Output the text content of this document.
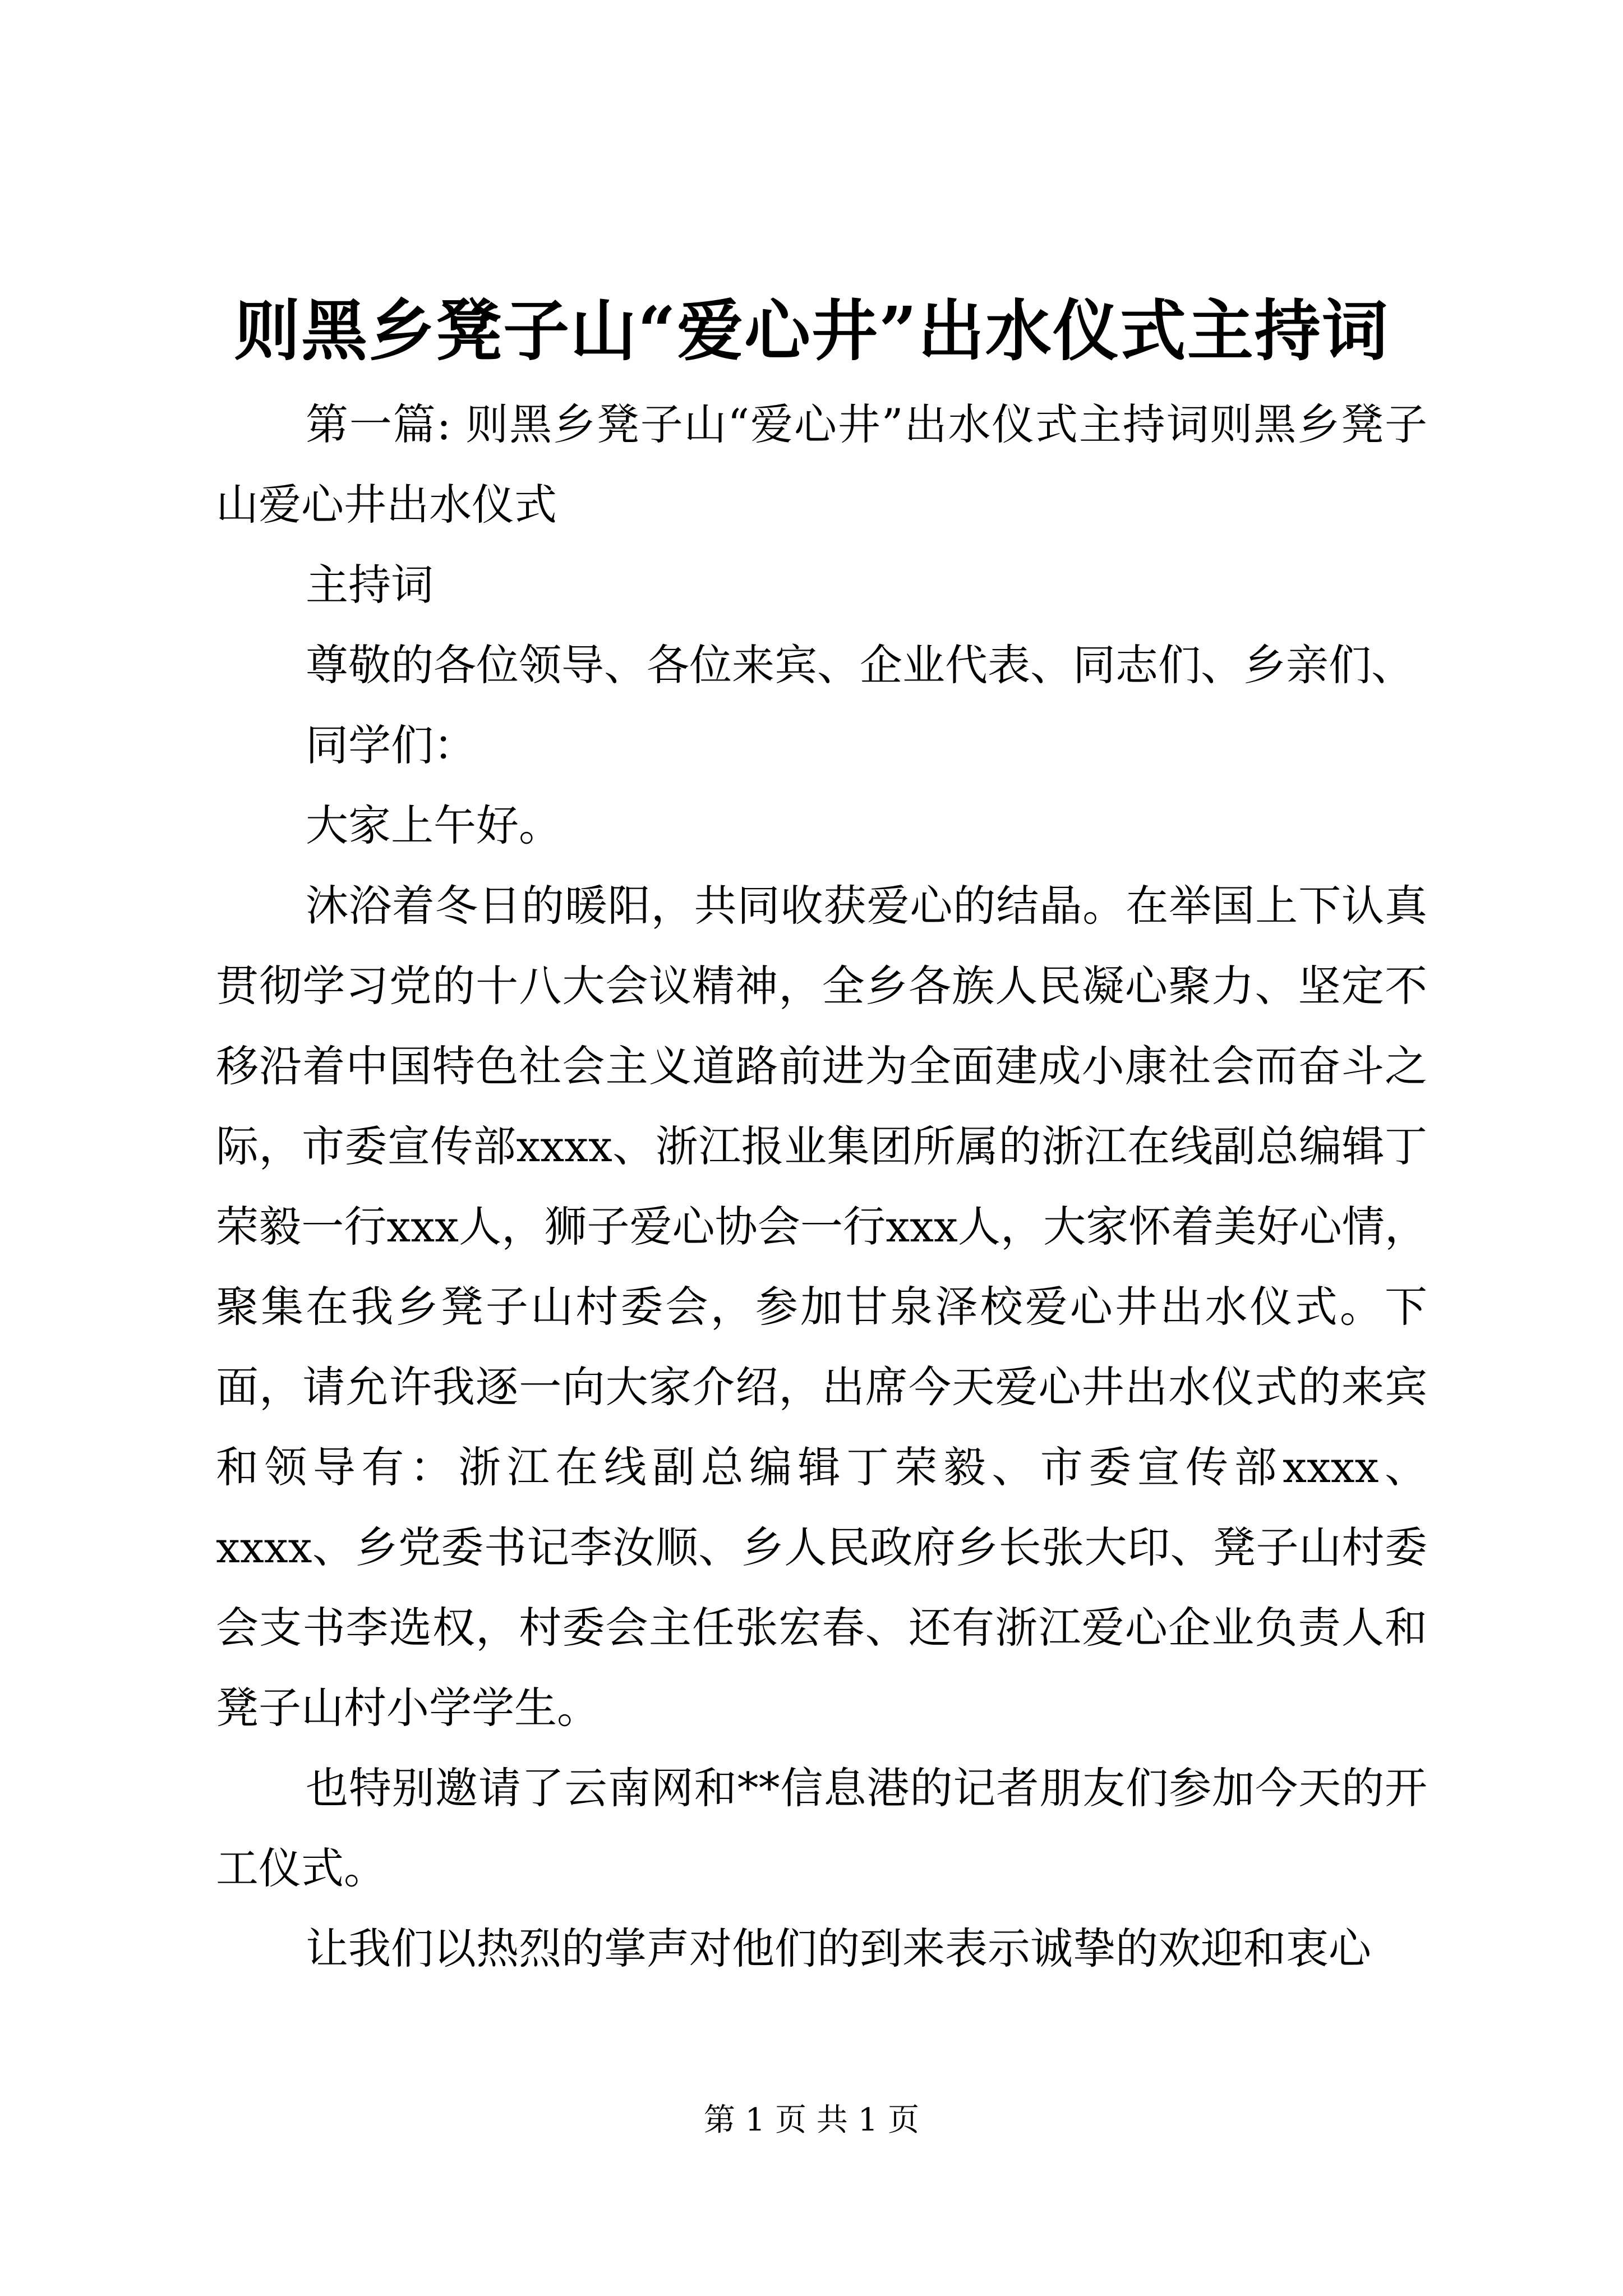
则黑乡凳子山“爱心井”出水仪式主持词

第一篇: 则黑乡凳子山“爱心井”出水仪式主持词则黑乡凳子山爱心井出水仪式

主持词

尊敬的各位领导、各位来宾、企业代表、同志们、乡亲们、

同学们：

大家上午好。

沐浴着冬日的暖阳，共同收获爱心的结晶。在举国上下认真贯彻学习党的十八大会议精神，全乡各族人民凝心聚力、坚定不移沿着中国特色社会主义道路前进为全面建成小康社会而奋斗之际，市委宣传部xxxx、浙江报业集团所属的浙江在线副总编辑丁荣毅一行xxx人，狮子爱心协会一行xxx人，大家怀着美好心情，聚集在我乡凳子山村委会，参加甘泉泽校爱心井出水仪式。下面，请允许我逐一向大家介绍，出席今天爱心井出水仪式的来宾和领导有：浙江在线副总编辑丁荣毅、市委宣传部xxxx、xxxx、乡党委书记李汝顺、乡人民政府乡长张大印、凳子山村委会支书李选权，村委会主任张宏春、还有浙江爱心企业负责人和凳子山村小学学生。

也特别邀请了云南网和**信息港的记者朋友们参加今天的开工仪式。

让我们以热烈的掌声对他们的到来表示诚挚的欢迎和衷心

第 1 页 共 1 页
